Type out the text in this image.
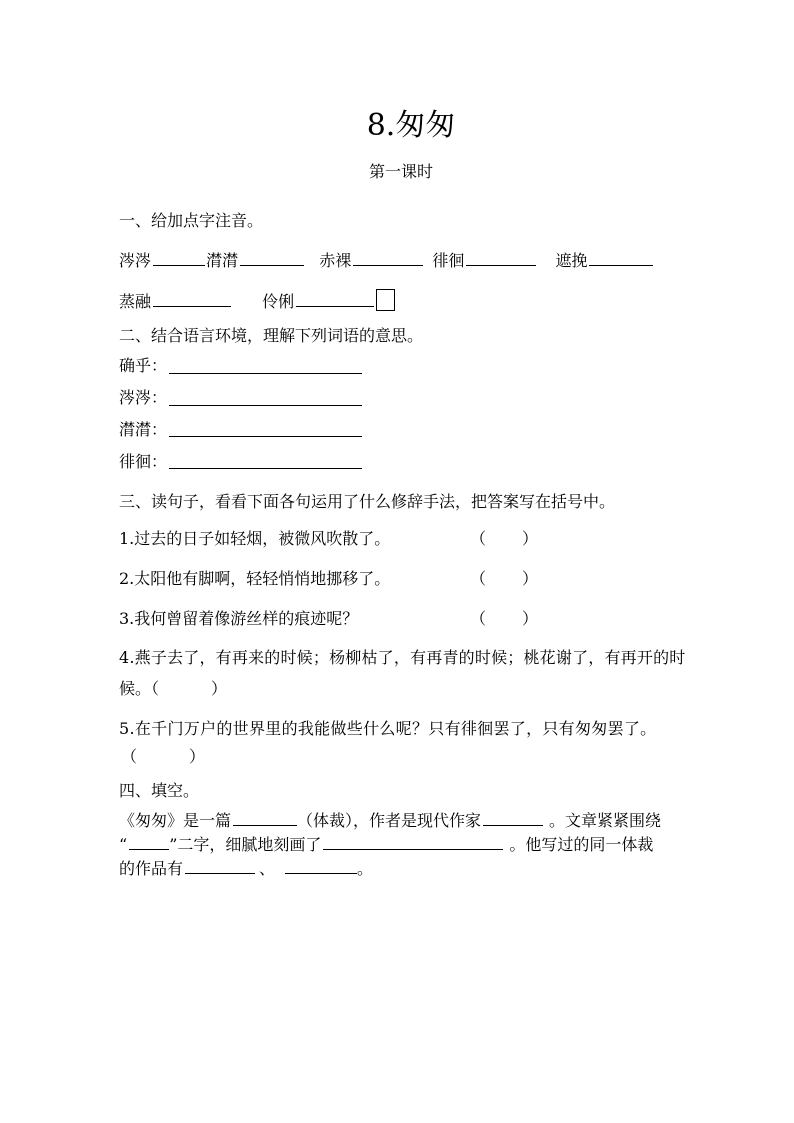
8.匆匆
第一课时
一、给加点字注音。
涔涔	潸潸	赤裸	徘徊	遮挽
蒸融	伶俐
二、结合语言环境，理解下列词语的意思。
确乎：
涔涔：
潸潸：
徘徊：
三、读句子，看看下面各句运用了什么修辞手法，把答案写在括号中。
1.过去的日子如轻烟，被微风吹散了。	（ ）
2.太阳他有脚啊，轻轻悄悄地挪移了。	（ ）
3.我何曾留着像游丝样的痕迹呢？	（ ）
4.燕子去了，有再来的时候；杨柳枯了，有再青的时候；桃花谢了，有再开的时
候。（	）
5.在千门万户的世界里的我能做些什么呢？只有徘徊罢了，只有匆匆罢了。
（	）
四、填空。
《匆匆》是一篇	（体裁），作者是现代作家	。文章紧紧围绕
“	”二字，细腻地刻画了	。他写过的同一体裁
的作品有	、	。
